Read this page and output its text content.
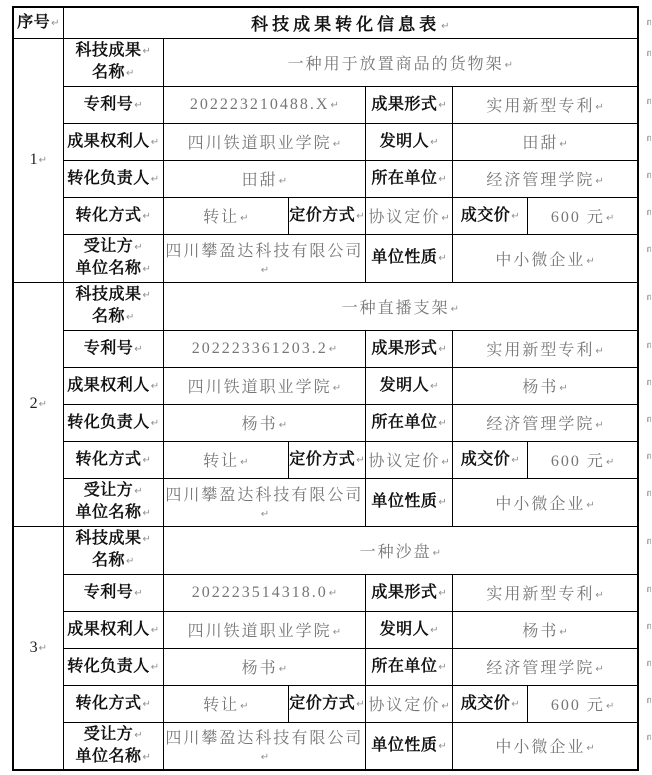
序号↵	科技成果转化信息表↵
╻┐					

1↵	科技成果↵
名称↵	一种用于放置商品的货物架↵
╻┐				

	专利号↵	202223210488.X↵		成果形式↵	实用新型专利↵
╻┐	

	成果权利人↵	四川铁道职业学院↵		发明人↵	田甜↵
╻┐	

	转化负责人↵	田甜↵		所在单位↵	经济管理学院↵
╻┐	

	转化方式↵	转让↵	定价方式↵	协议定价↵	成交价↵	600 元↵
╻┐

	受让方↵
单位名称↵	四川攀盈达科技有限公司↵		单位性质↵	中小微企业↵
╻┐	

2↵	科技成果↵
名称↵	一种直播支架↵
╻┐				

	专利号↵	202223361203.2↵		成果形式↵	实用新型专利↵
╻┐	

	成果权利人↵	四川铁道职业学院↵		发明人↵	杨书↵
╻┐	

	转化负责人↵	杨书↵		所在单位↵	经济管理学院↵
╻┐	

	转化方式↵	转让↵	定价方式↵	协议定价↵	成交价↵	600 元↵
╻┐

	受让方↵
单位名称↵	四川攀盈达科技有限公司↵		单位性质↵	中小微企业↵
╻┐	

3↵	科技成果↵
名称↵	一种沙盘↵
╻┐				

	专利号↵	202223514318.0↵		成果形式↵	实用新型专利↵
╻┐	

	成果权利人↵	四川铁道职业学院↵		发明人↵	杨书↵
╻┐	

	转化负责人↵	杨书↵		所在单位↵	经济管理学院↵
╻┐	

	转化方式↵	转让↵	定价方式↵	协议定价↵	成交价↵	600 元↵
╻┐

	受让方↵
单位名称↵	四川攀盈达科技有限公司↵		单位性质↵	中小微企业↵
╻┐	
